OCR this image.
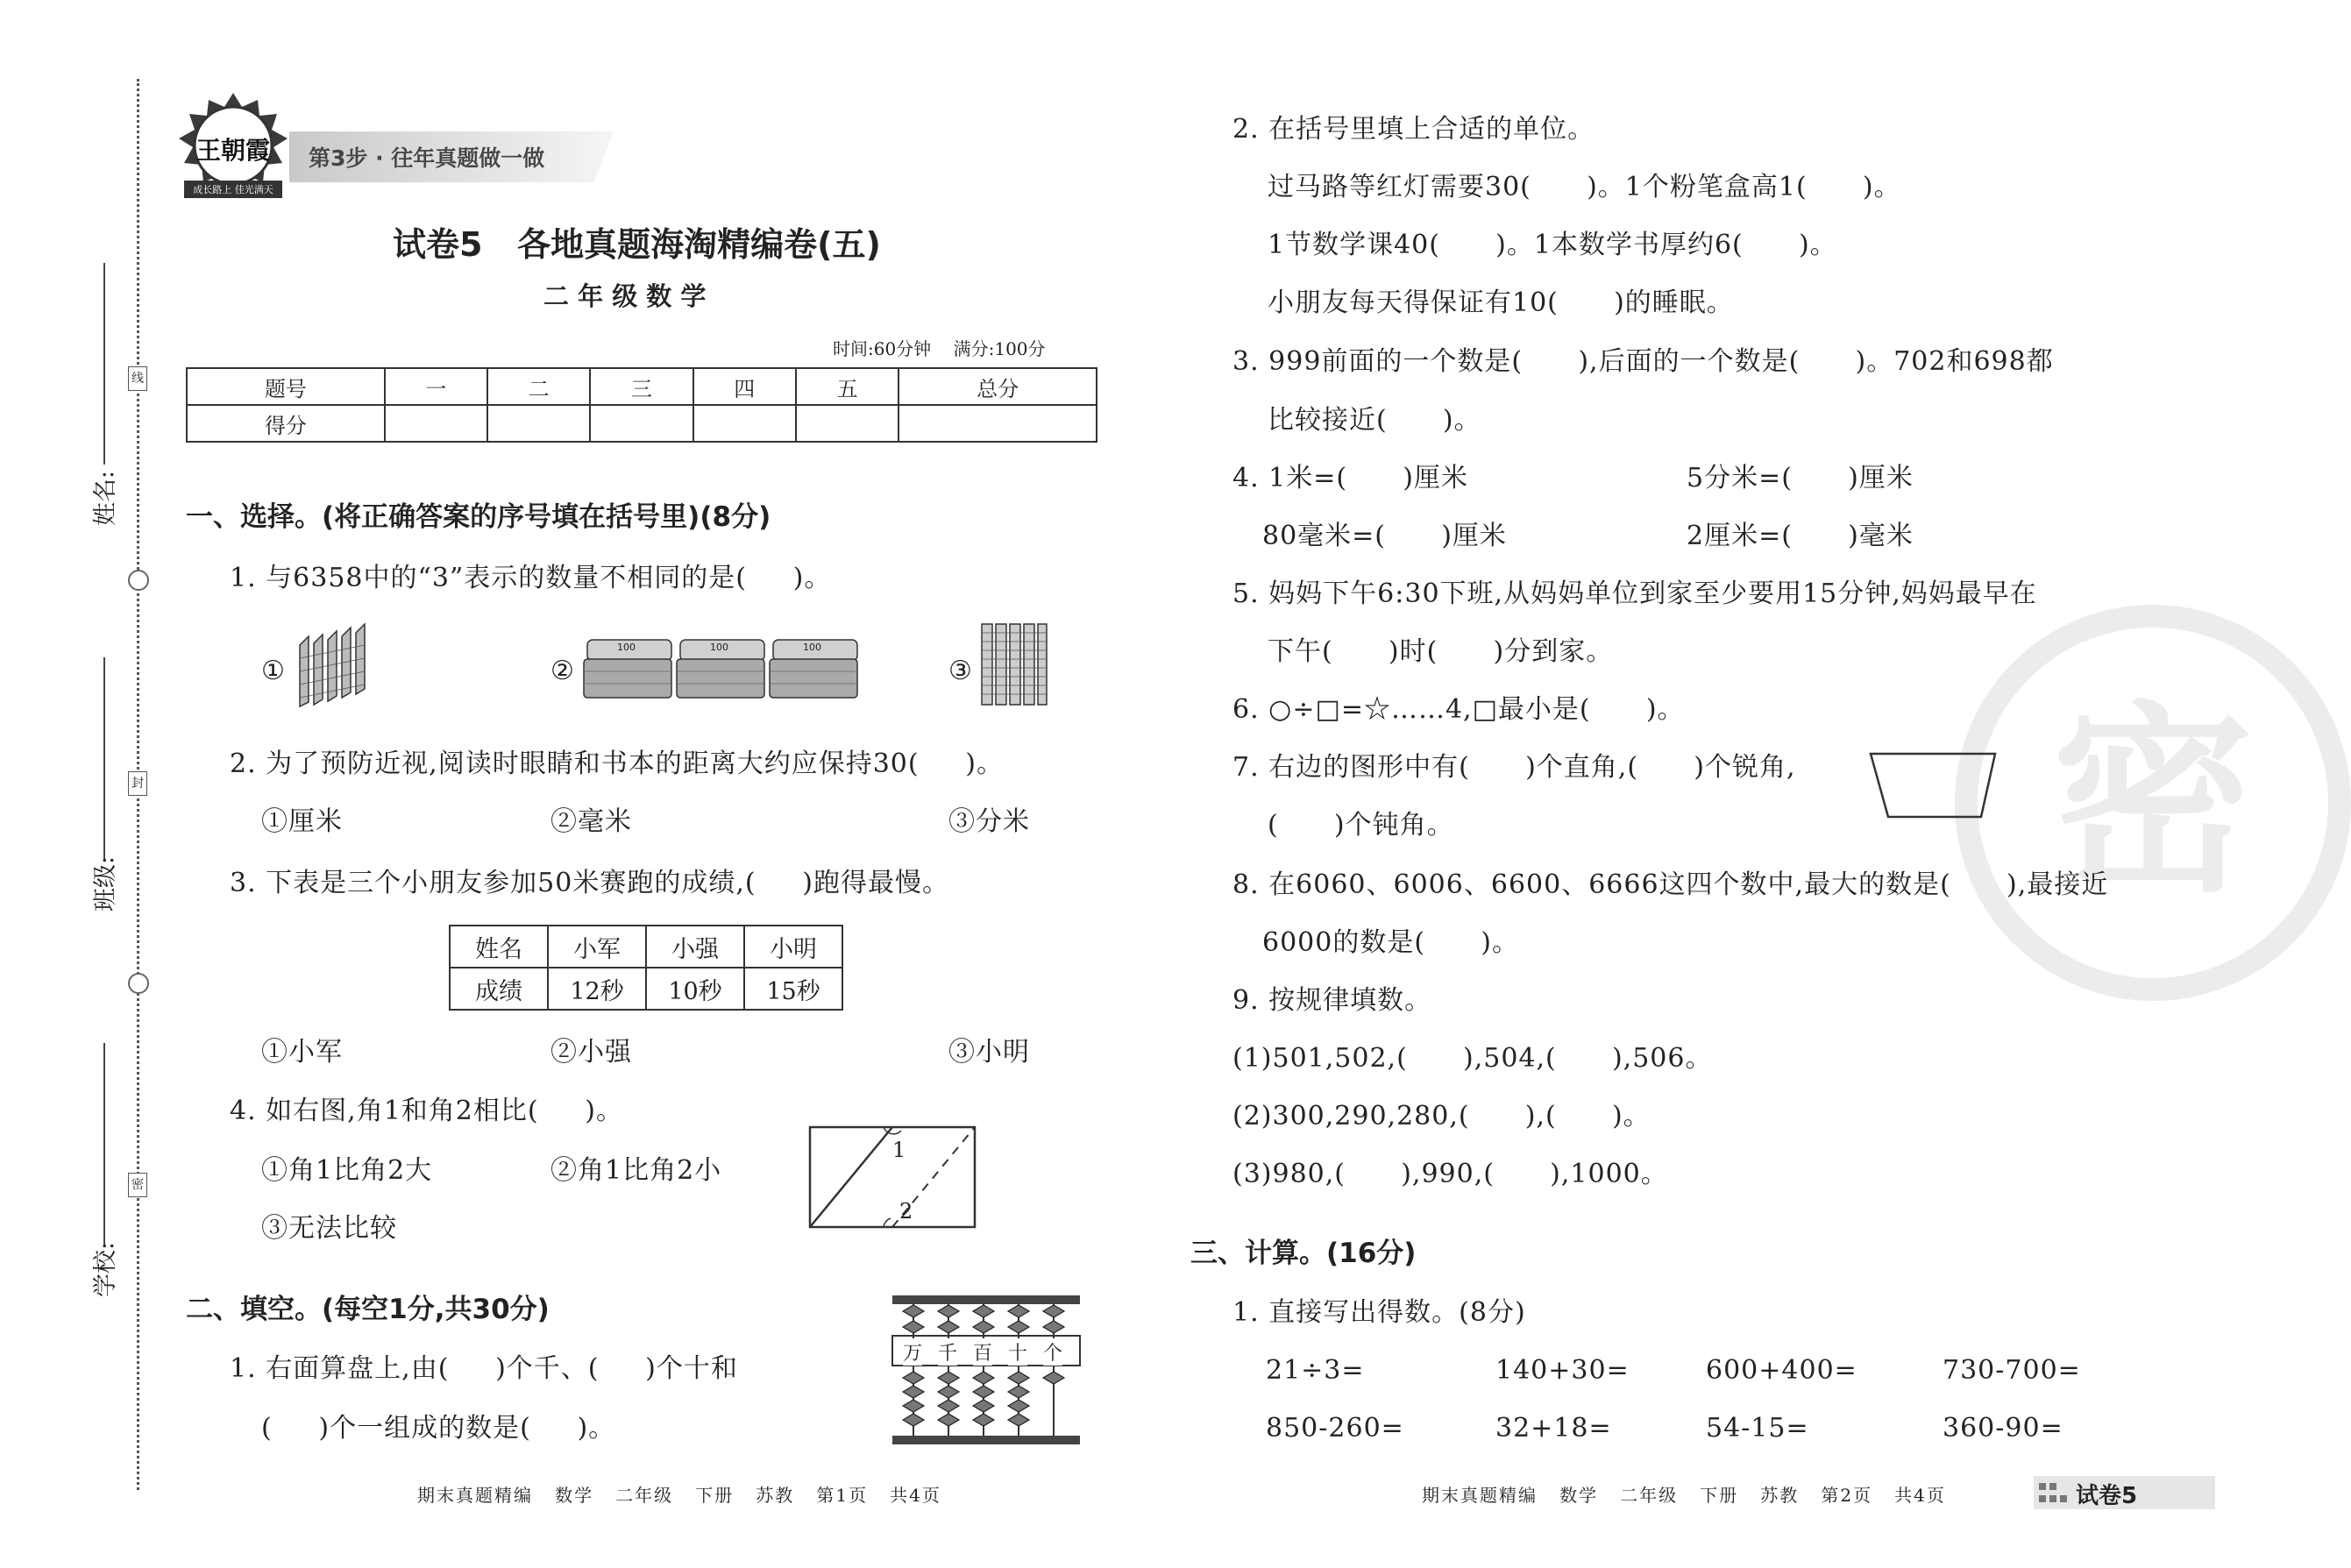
线
封
密
姓名:
班级:
学校:
王朝霞
成长路上 佳光满天
第3步 · 往年真题做一做
试卷5   各地真题海淘精编卷(五)
二 年 级 数 学
时间:60分钟    满分:100分
题号	一	二	三	四	五	总分
得分						
一、选择。(将正确答案的序号填在括号里)(8分)
1. 与6358中的“3”表示的数量不相同的是(     )。
①	②
100	100	100
③
2. 为了预防近视,阅读时眼睛和书本的距离大约应保持30(     )。
①厘米	②毫米	③分米
3. 下表是三个小朋友参加50米赛跑的成绩,(     )跑得最慢。
姓名	小军	小强	小明
成绩	12秒	10秒	15秒
①小军	②小强	③小明
4. 如右图,角1和角2相比(     )。
①角1比角2大	②角1比角2小
③无法比较
1
2
二、填空。(每空1分,共30分)
1. 右面算盘上,由(     )个千、(     )个十和
(     )个一组成的数是(     )。
万 千 百 十 个
期末真题精编   数学   二年级   下册   苏教   第1页   共4页
密
2. 在括号里填上合适的单位。
过马路等红灯需要30(      )。1个粉笔盒高1(      )。
1节数学课40(      )。1本数学书厚约6(      )。
小朋友每天得保证有10(      )的睡眠。
3. 999前面的一个数是(      ),后面的一个数是(      )。702和698都
比较接近(      )。
4. 1米=(      )厘米	5分米=(      )厘米
80毫米=(      )厘米	2厘米=(      )毫米
5. 妈妈下午6:30下班,从妈妈单位到家至少要用15分钟,妈妈最早在
下午(      )时(      )分到家。
6. ○÷□=☆……4,□最小是(      )。
7. 右边的图形中有(      )个直角,(      )个锐角,
(      )个钝角。
8. 在6060、6006、6600、6666这四个数中,最大的数是(      ),最接近
6000的数是(      )。
9. 按规律填数。
(1)501,502,(      ),504,(      ),506。
(2)300,290,280,(      ),(      )。
(3)980,(      ),990,(      ),1000。
三、计算。(16分)
1. 直接写出得数。(8分)
21÷3=	140+30=	600+400=	730-700=
850-260=	32+18=	54-15=	360-90=
期末真题精编   数学   二年级   下册   苏教   第2页   共4页	试卷5
